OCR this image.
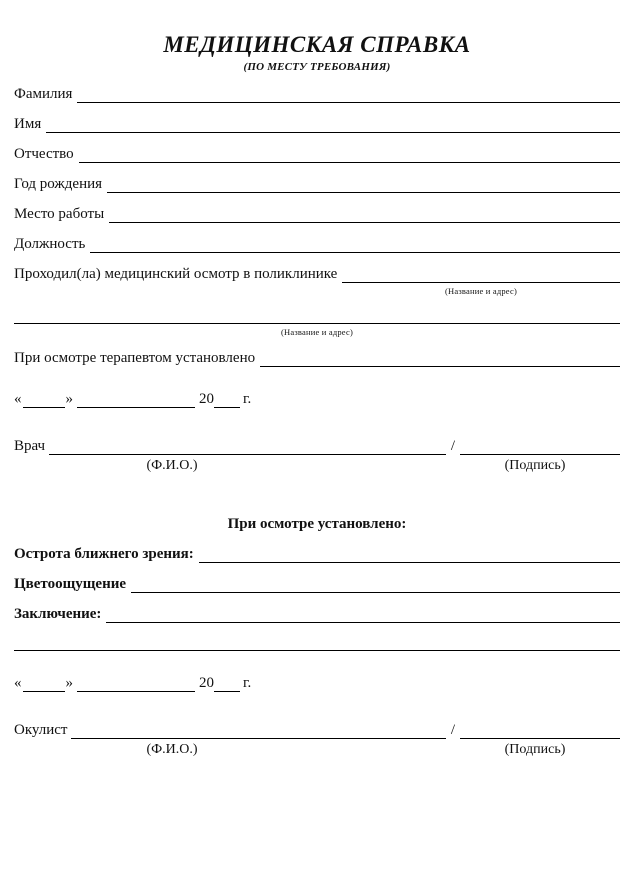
МЕДИЦИНСКАЯ СПРАВКА
(ПО МЕСТУ ТРЕБОВАНИЯ)
Фамилия
Имя
Отчество
Год рождения
Место работы
Должность
Проходил(ла) медицинский осмотр в поликлинике
(Название и адрес)
(Название и адрес)
При осмотре терапевтом установлено
«	»	20 г.
Врач	/
(Ф.И.О.)	(Подпись)
При осмотре установлено:
Острота ближнего зрения:
Цветоощущение
Заключение:
«	»	20 г.
Окулист	/
(Ф.И.О.)	(Подпись)
